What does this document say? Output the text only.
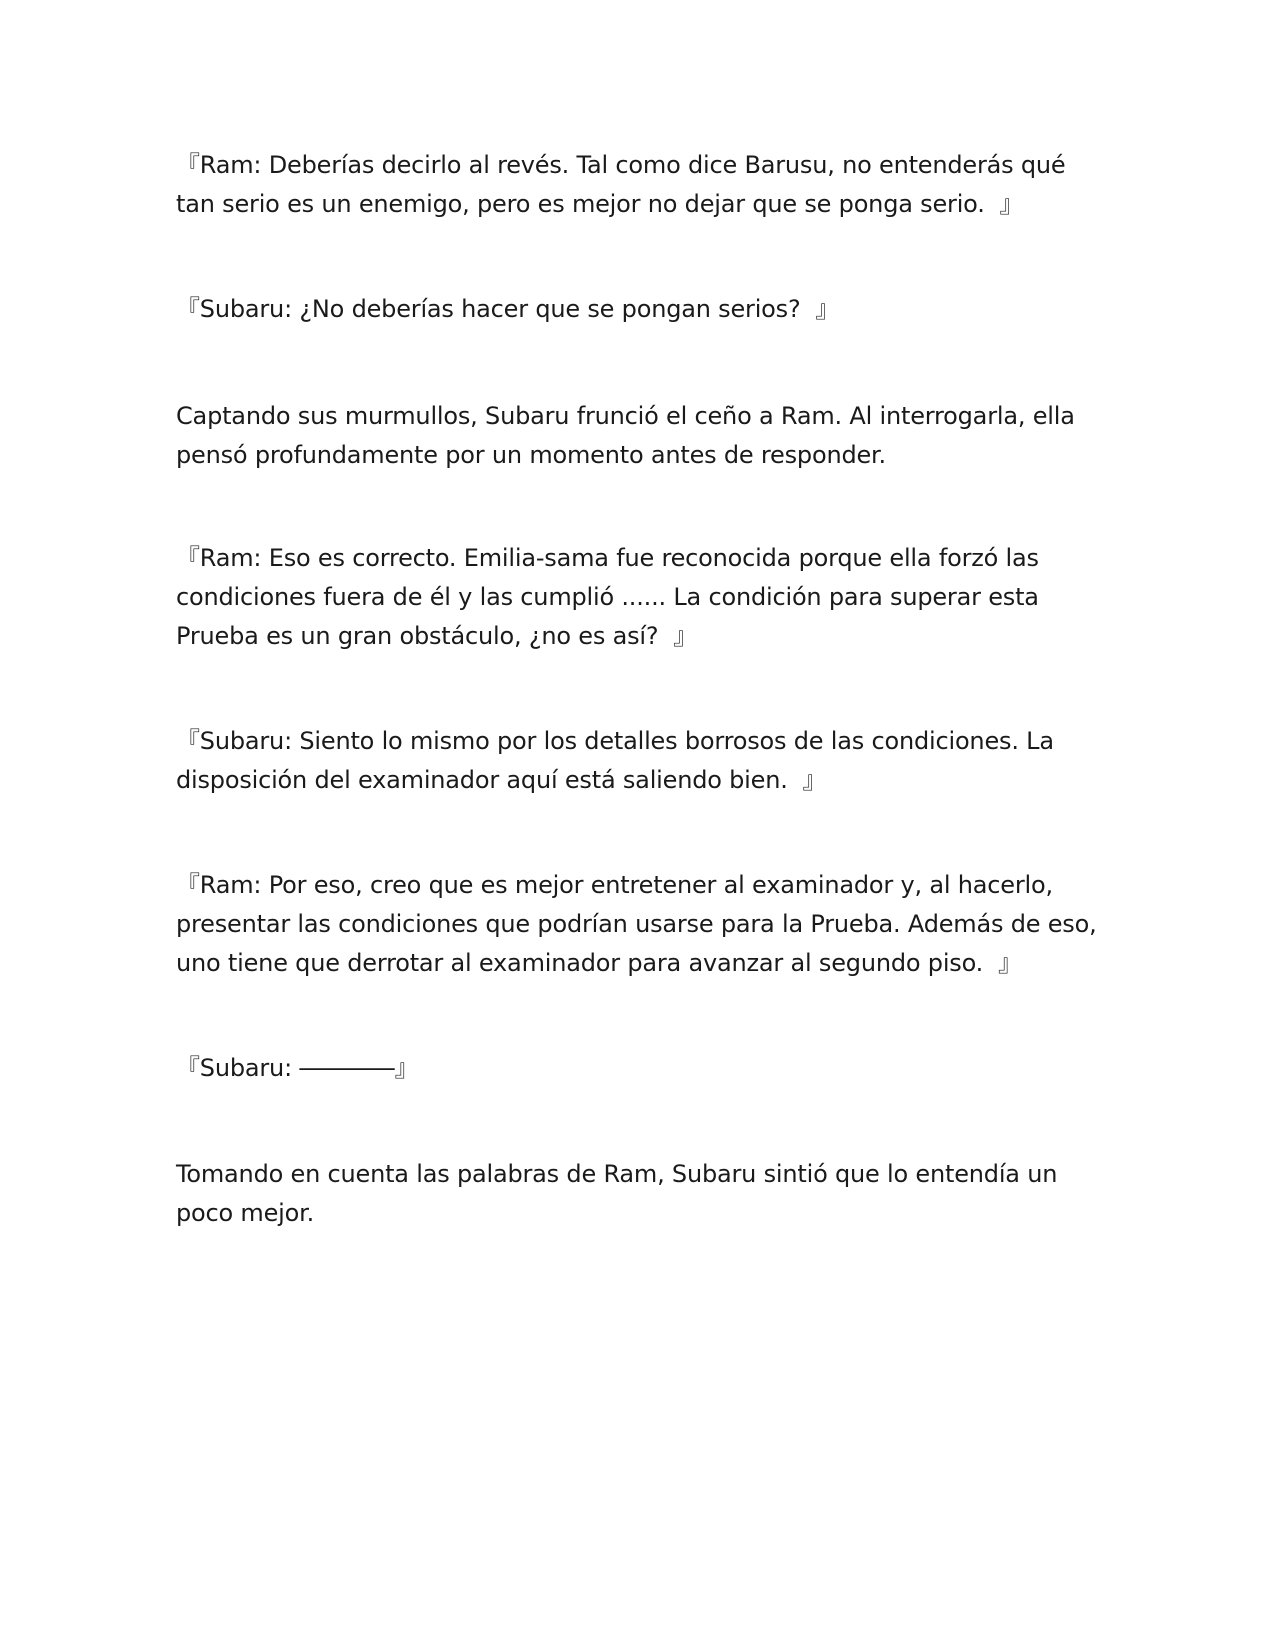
『Ram: Deberías decirlo al revés. Tal como dice Barusu, no entenderás qué tan serio es un enemigo, pero es mejor no dejar que se ponga serio.  』

『Subaru: ¿No deberías hacer que se pongan serios?  』

Captando sus murmullos, Subaru frunció el ceño a Ram. Al interrogarla, ella pensó profundamente por un momento antes de responder.

『Ram: Eso es correcto. Emilia-sama fue reconocida porque ella forzó las condiciones fuera de él y las cumplió ...... La condición para superar esta Prueba es un gran obstáculo, ¿no es así?  』

『Subaru: Siento lo mismo por los detalles borrosos de las condiciones. La disposición del examinador aquí está saliendo bien.  』

『Ram: Por eso, creo que es mejor entretener al examinador y, al hacerlo, presentar las condiciones que podrían usarse para la Prueba. Además de eso, uno tiene que derrotar al examinador para avanzar al segundo piso.  』

『Subaru: ――――』

Tomando en cuenta las palabras de Ram, Subaru sintió que lo entendía un poco mejor.
